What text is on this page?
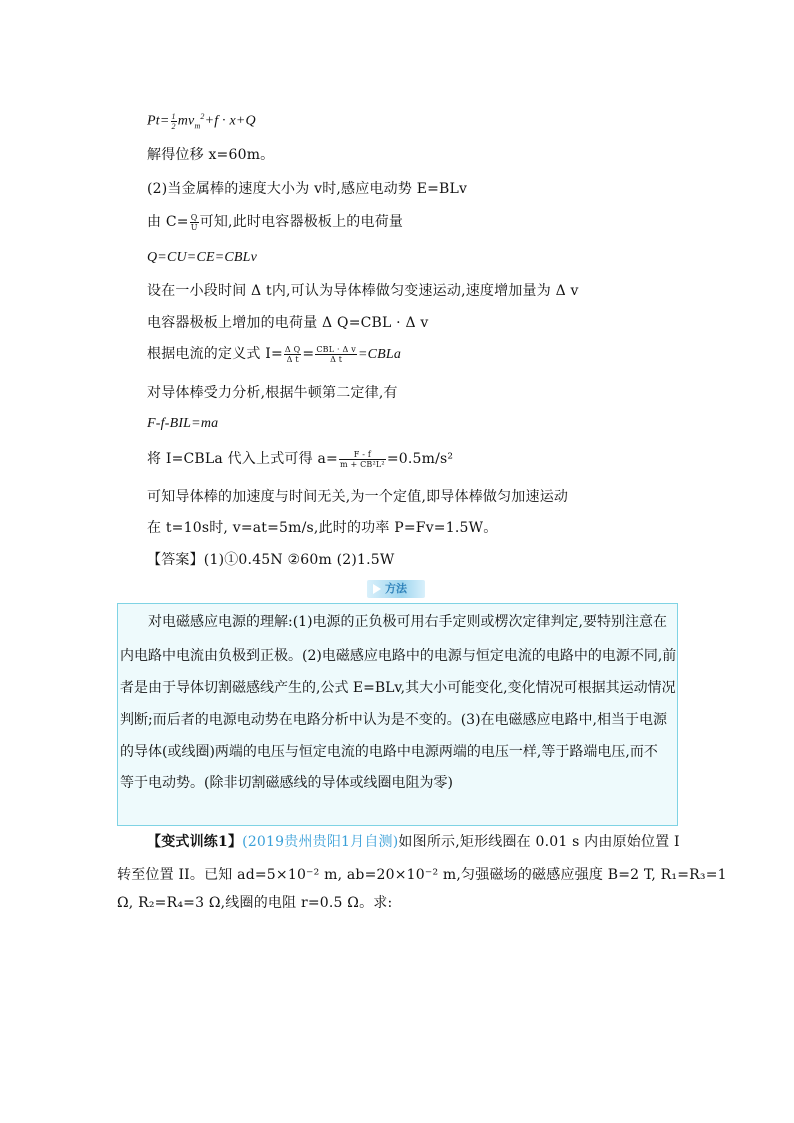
$Pt= \frac{1}{2} mv_m^2+f \cdot x+Q$
解得位移 x=60m。
(2)当金属棒的速度大小为 v时,感应电动势 E=BLv
由 $C= \frac{Q}{U}$ 可知,此时电容器极板上的电荷量
Q=CU=CE=CBLv
设在一小段时间 Δ t内,可认为导体棒做匀变速运动,速度增加量为 Δ v
电容器极板上增加的电荷量 Δ Q=CBL · Δ v
根据电流的定义式 $I= \frac{\text{Δ Q}}{\text{Δ t}} = \frac{\text{CBL · Δ v}}{\text{Δ t}}$ =CBLa
对导体棒受力分析,根据牛顿第二定律,有
F-f-BIL=ma
将 I=CBLa 代入上式可得 $a= \frac{F - f}{\text{m + CB²L²}} =0.5m/s^2$
可知导体棒的加速度与时间无关,为一个定值,即导体棒做匀加速运动
在 t=10s时, v=at=5m/s,此时的功率 P=Fv=1.5W。
【答案】(1)①0.45N ②60m (2)1.5W
方法

对电磁感应电源的理解:(1)电源的正负极可用右手定则或楞次定律判定,要特别注意在

内电路中电流由负极到正极。(2)电磁感应电路中的电源与恒定电流的电路中的电源不同,前

者是由于导体切割磁感线产生的,公式 E=BLv,其大小可能变化,变化情况可根据其运动情况

判断;而后者的电源电动势在电路分析中认为是不变的。(3)在电磁感应电路中,相当于电源

的导体(或线圈)两端的电压与恒定电流的电路中电源两端的电压一样,等于路端电压,而不

等于电动势。(除非切割磁感线的导体或线圈电阻为零)

【变式训练1】(2019贵州贵阳1月自测)如图所示,矩形线圈在 0.01 s 内由原始位置 I
转至位置 II。已知 ad=5×10⁻² m, ab=20×10⁻² m,匀强磁场的磁感应强度 B=2 T, R₁=R₃=1
Ω, R₂=R₄=3 Ω,线圈的电阻 r=0.5 Ω。求:
